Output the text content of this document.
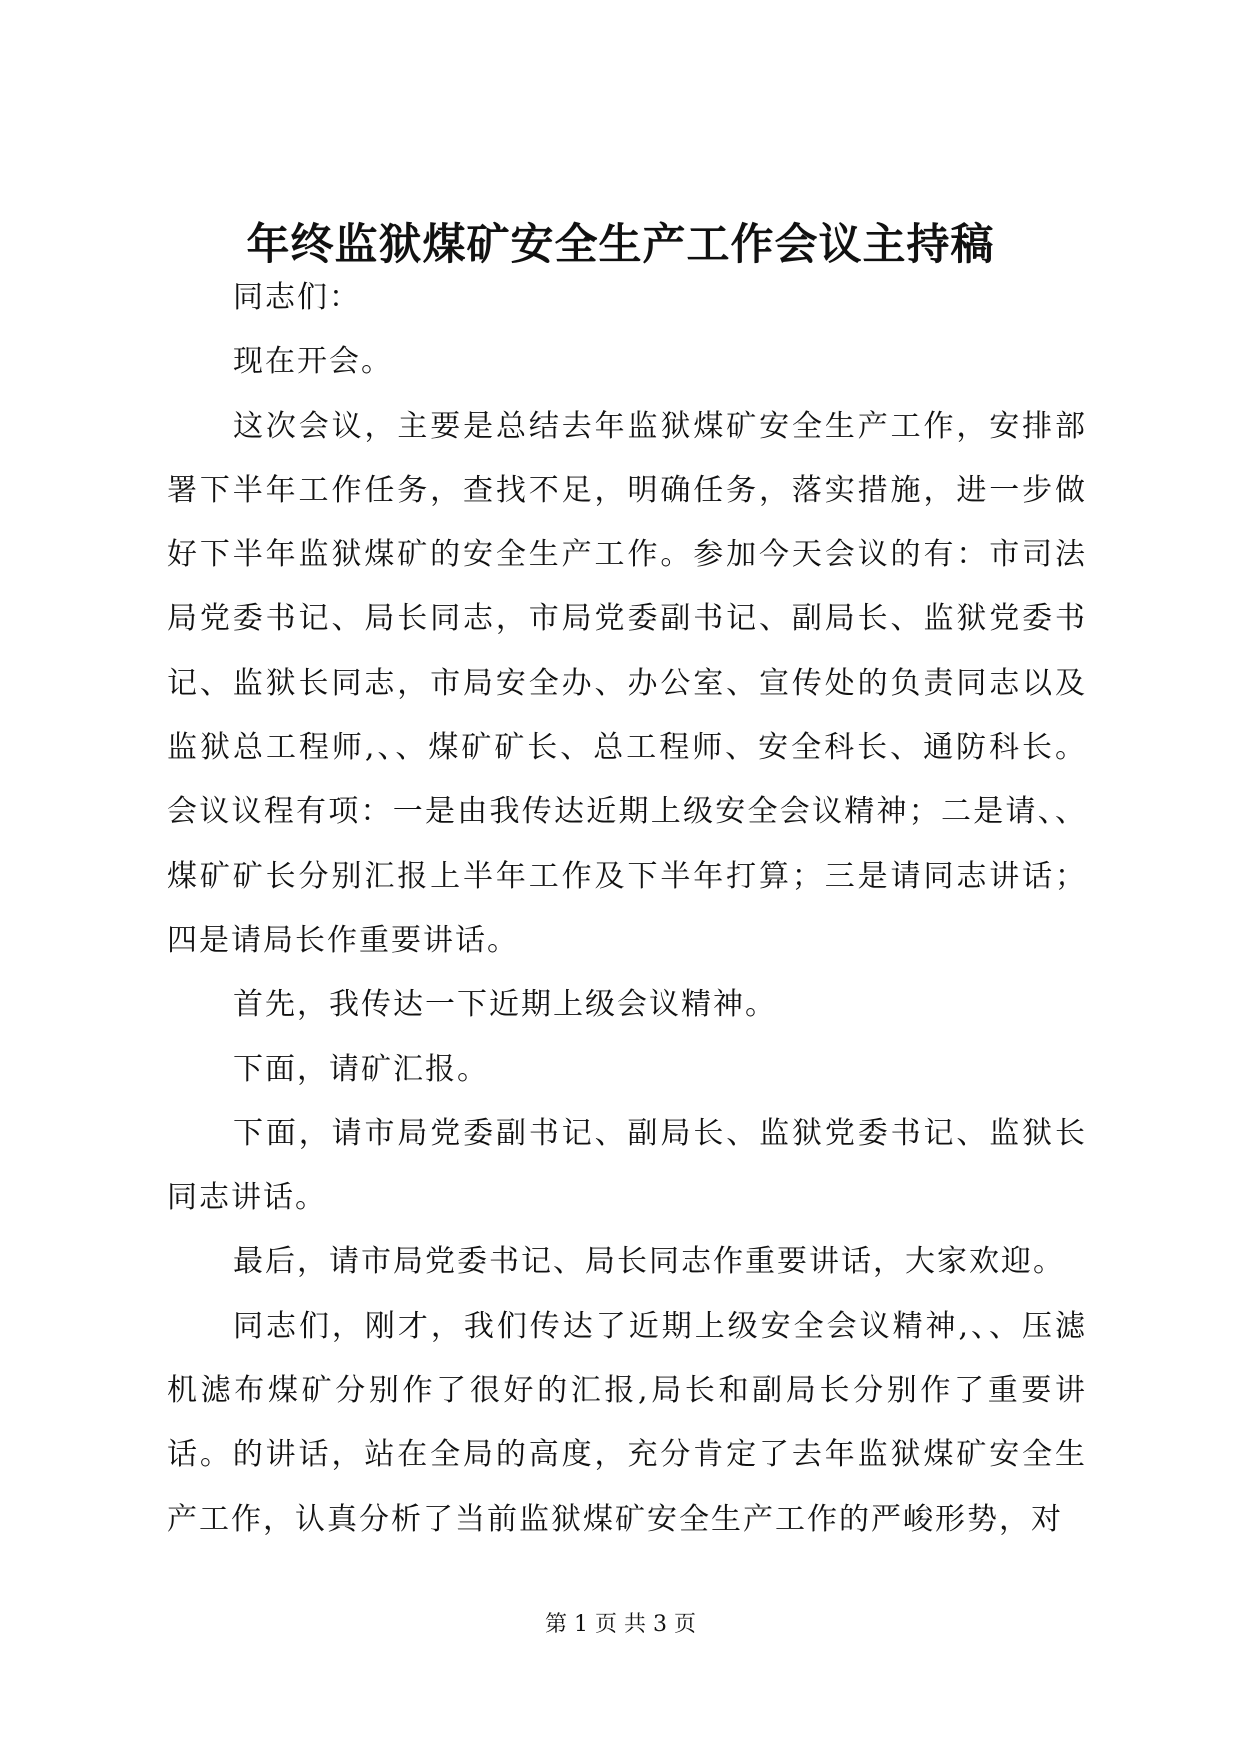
年终监狱煤矿安全生产工作会议主持稿

同志们：

现在开会。

这次会议，主要是总结去年监狱煤矿安全生产工作，安排部署下半年工作任务，查找不足，明确任务，落实措施，进一步做好下半年监狱煤矿的安全生产工作。参加今天会议的有：市司法局党委书记、局长同志，市局党委副书记、副局长、监狱党委书记、监狱长同志，市局安全办、办公室、宣传处的负责同志以及监狱总工程师,、、煤矿矿长、总工程师、安全科长、通防科长。会议议程有项：一是由我传达近期上级安全会议精神；二是请、、煤矿矿长分别汇报上半年工作及下半年打算；三是请同志讲话；四是请局长作重要讲话。

首先，我传达一下近期上级会议精神。

下面，请矿汇报。

下面，请市局党委副书记、副局长、监狱党委书记、监狱长同志讲话。

最后，请市局党委书记、局长同志作重要讲话，大家欢迎。

同志们，刚才，我们传达了近期上级安全会议精神,、、压滤机滤布煤矿分别作了很好的汇报,局长和副局长分别作了重要讲话。的讲话，站在全局的高度，充分肯定了去年监狱煤矿安全生产工作，认真分析了当前监狱煤矿安全生产工作的严峻形势，对

第 1 页 共 3 页
